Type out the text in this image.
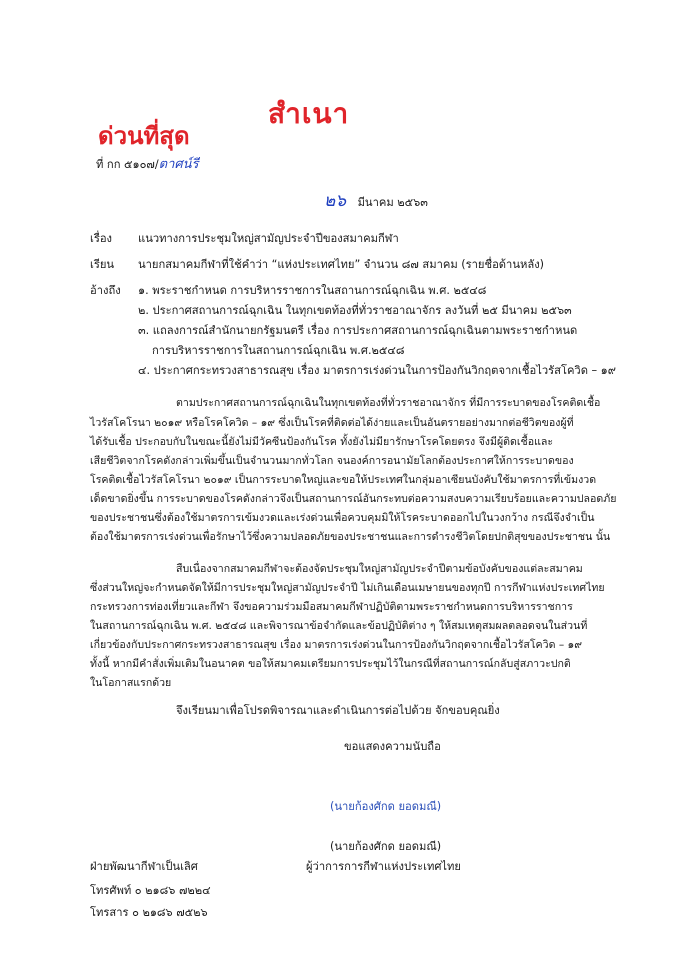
สำเนา
ด่วนที่สุด
ที่ กก ๕๑๐๗/ตาศน์รี
๒๖ มีนาคม ๒๕๖๓
เรื่อง แนวทางการประชุมใหญ่สามัญประจำปีของสมาคมกีฬา
เรียน นายกสมาคมกีฬาที่ใช้คำว่า “แห่งประเทศไทย” จำนวน ๘๗ สมาคม (รายชื่อด้านหลัง)
อ้างถึง ๑. พระราชกำหนด การบริหารราชการในสถานการณ์ฉุกเฉิน พ.ศ. ๒๕๔๘
๒. ประกาศสถานการณ์ฉุกเฉิน ในทุกเขตท้องที่ทั่วราชอาณาจักร ลงวันที่ ๒๕ มีนาคม ๒๕๖๓
๓. แถลงการณ์สำนักนายกรัฐมนตรี เรื่อง การประกาศสถานการณ์ฉุกเฉินตามพระราชกำหนด
การบริหารราชการในสถานการณ์ฉุกเฉิน พ.ศ.๒๕๔๘
๔. ประกาศกระทรวงสาธารณสุข เรื่อง มาตรการเร่งด่วนในการป้องกันวิกฤตจากเชื้อไวรัสโควิด – ๑๙
ตามประกาศสถานการณ์ฉุกเฉินในทุกเขตท้องที่ทั่วราชอาณาจักร ที่มีการระบาดของโรคติดเชื้อ
ไวรัสโคโรนา ๒๐๑๙ หรือโรคโควิด – ๑๙ ซึ่งเป็นโรคที่ติดต่อได้ง่ายและเป็นอันตรายอย่างมากต่อชีวิตของผู้ที่
ได้รับเชื้อ ประกอบกับในขณะนี้ยังไม่มีวัคซีนป้องกันโรค ทั้งยังไม่มียารักษาโรคโดยตรง จึงมีผู้ติดเชื้อและ
เสียชีวิตจากโรคดังกล่าวเพิ่มขึ้นเป็นจำนวนมากทั่วโลก จนองค์การอนามัยโลกต้องประกาศให้การระบาดของ
โรคติดเชื้อไวรัสโคโรนา ๒๐๑๙ เป็นการระบาดใหญ่และขอให้ประเทศในกลุ่มอาเซียนบังคับใช้มาตรการที่เข้มงวด
เด็ดขาดยิ่งขึ้น การระบาดของโรคดังกล่าวจึงเป็นสถานการณ์อันกระทบต่อความสงบความเรียบร้อยและความปลอดภัย
ของประชาชนซึ่งต้องใช้มาตรการเข้มงวดและเร่งด่วนเพื่อควบคุมมิให้โรคระบาดออกไปในวงกว้าง กรณีจึงจำเป็น
ต้องใช้มาตรการเร่งด่วนเพื่อรักษาไว้ซึ่งความปลอดภัยของประชาชนและการดำรงชีวิตโดยปกติสุขของประชาชน นั้น
สืบเนื่องจากสมาคมกีฬาจะต้องจัดประชุมใหญ่สามัญประจำปีตามข้อบังคับของแต่ละสมาคม
ซึ่งส่วนใหญ่จะกำหนดจัดให้มีการประชุมใหญ่สามัญประจำปี ไม่เกินเดือนเมษายนของทุกปี การกีฬาแห่งประเทศไทย
กระทรวงการท่องเที่ยวและกีฬา จึงขอความร่วมมือสมาคมกีฬาปฏิบัติตามพระราชกำหนดการบริหารราชการ
ในสถานการณ์ฉุกเฉิน พ.ศ. ๒๕๔๘ และพิจารณาข้อจำกัดและข้อปฏิบัติต่าง ๆ ให้สมเหตุสมผลตลอดจนในส่วนที่
เกี่ยวข้องกับประกาศกระทรวงสาธารณสุข เรื่อง มาตรการเร่งด่วนในการป้องกันวิกฤตจากเชื้อไวรัสโควิด – ๑๙
ทั้งนี้ หากมีคำสั่งเพิ่มเติมในอนาคต ขอให้สมาคมเตรียมการประชุมไว้ในกรณีที่สถานการณ์กลับสู่สภาวะปกติ
ในโอกาสแรกด้วย
จึงเรียนมาเพื่อโปรดพิจารณาและดำเนินการต่อไปด้วย จักขอบคุณยิ่ง
ขอแสดงความนับถือ
(นายก้องศักด ยอดมณี)
(นายก้องศักด ยอดมณี)
ผู้ว่าการการกีฬาแห่งประเทศไทย
ฝ่ายพัฒนากีฬาเป็นเลิศ
โทรศัพท์ ๐ ๒๑๘๖ ๗๒๒๔
โทรสาร ๐ ๒๑๘๖ ๗๕๒๖
